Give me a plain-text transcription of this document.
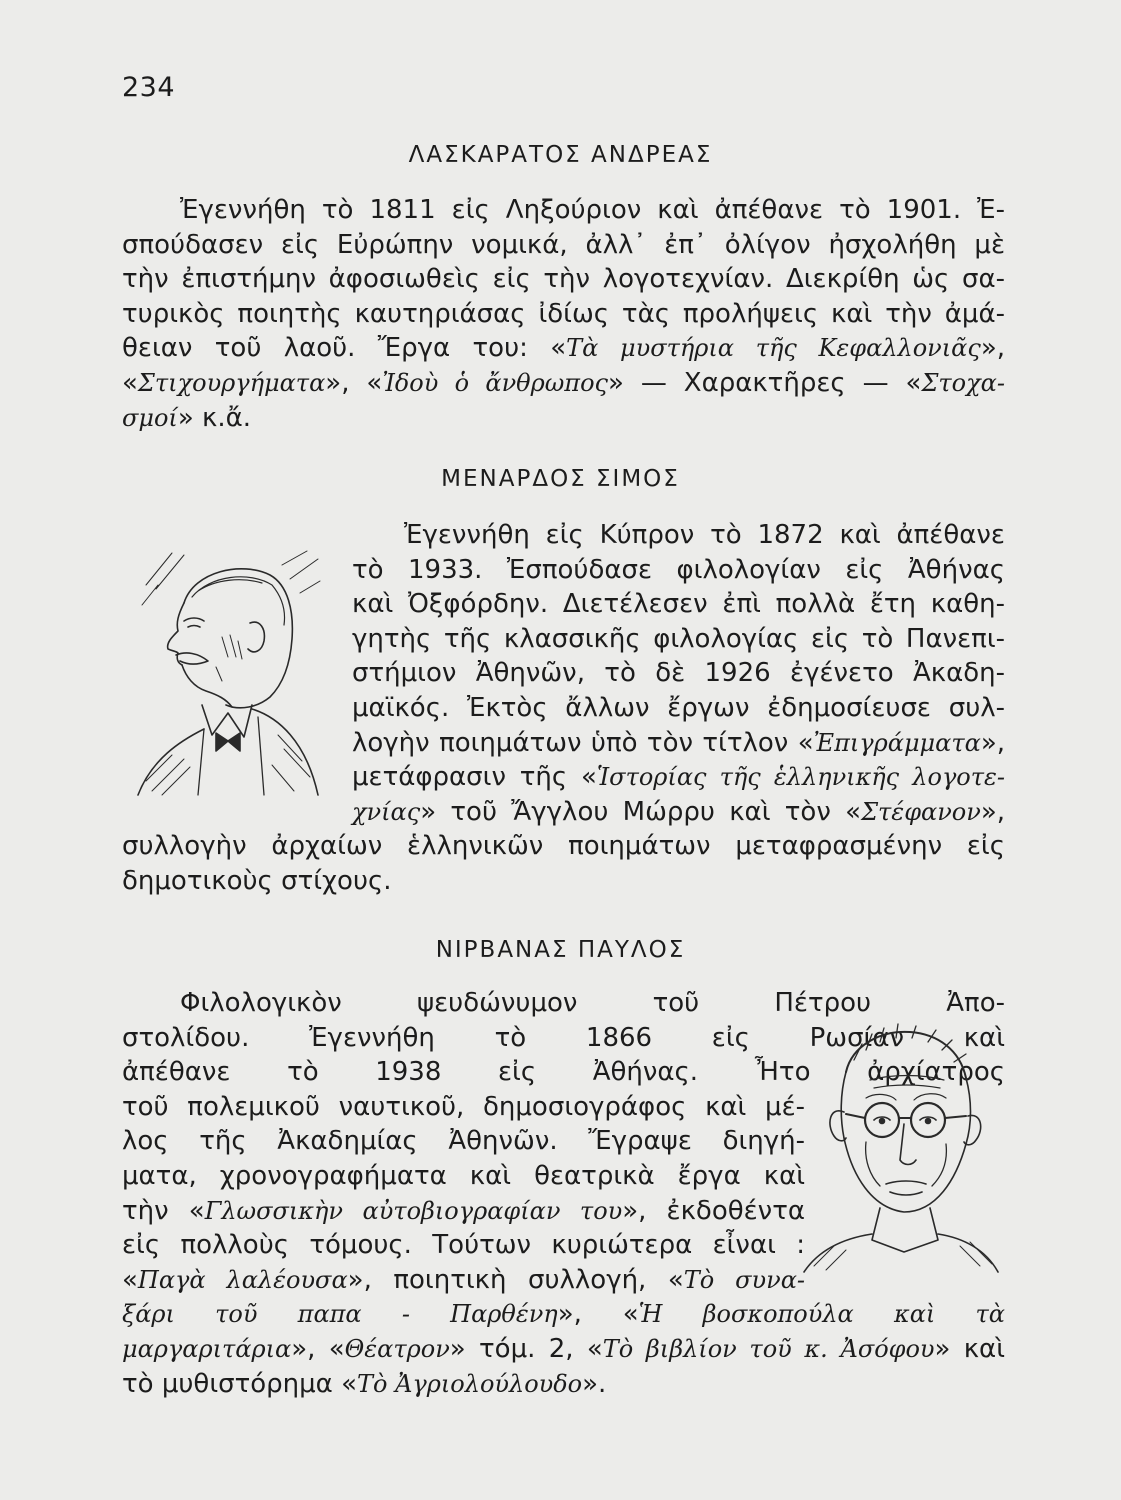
234
ΛΑΣΚΑΡΑΤΟΣ ΑΝΔΡΕΑΣ
Ἐγεννήθη τὸ 1811 εἰς Ληξούριον καὶ ἀπέθανε τὸ 1901. Ἐ-
σπούδασεν εἰς Εὐρώπην νομικά, ἀλλ᾿ ἐπ᾿ ὀλίγον ἠσχολήθη μὲ
τὴν ἐπιστήμην ἀφοσιωθεὶς εἰς τὴν λογοτεχνίαν. Διεκρίθη ὡς σα-
τυρικὸς ποιητὴς καυτηριάσας ἰδίως τὰς προλήψεις καὶ τὴν ἀμά-
θειαν τοῦ λαοῦ. Ἔργα του: «Τὰ μυστήρια τῆς Κεφαλλονιᾶς»,
«Στιχουργήματα», «Ἰδοὺ ὁ ἄνθρωπος» — Χαρακτῆρες — «Στοχα-
σμοί» κ.ἄ.
ΜΕΝΑΡΔΟΣ ΣΙΜΟΣ
Ἐγεννήθη εἰς Κύπρον τὸ 1872 καὶ ἀπέθανε
τὸ 1933. Ἐσπούδασε φιλολογίαν εἰς Ἀθήνας
καὶ Ὀξφόρδην. Διετέλεσεν ἐπὶ πολλὰ ἔτη καθη-
γητὴς τῆς κλασσικῆς φιλολογίας εἰς τὸ Πανεπι-
στήμιον Ἀθηνῶν, τὸ δὲ 1926 ἐγένετο Ἀκαδη-
μαϊκός. Ἐκτὸς ἄλλων ἔργων ἐδημοσίευσε συλ-
λογὴν ποιημάτων ὑπὸ τὸν τίτλον «Ἐπιγράμματα»,
μετάφρασιν τῆς «Ἱστορίας τῆς ἑλληνικῆς λογοτε-
χνίας» τοῦ Ἄγγλου Μώρρυ καὶ τὸν «Στέφανον»,
συλλογὴν ἀρχαίων ἑλληνικῶν ποιημάτων μεταφρασμένην εἰς
δημοτικοὺς στίχους.
ΝΙΡΒΑΝΑΣ ΠΑΥΛΟΣ
Φιλολογικὸν ψευδώνυμον τοῦ Πέτρου Ἀπο-
στολίδου. Ἐγεννήθη τὸ 1866 εἰς Ρωσίαν καὶ
ἀπέθανε τὸ 1938 εἰς Ἀθήνας. Ἦτο ἀρχίατρος
τοῦ πολεμικοῦ ναυτικοῦ, δημοσιογράφος καὶ μέ-
λος τῆς Ἀκαδημίας Ἀθηνῶν. Ἔγραψε διηγή-
ματα, χρονογραφήματα καὶ θεατρικὰ ἔργα καὶ
τὴν «Γλωσσικὴν αὐτοβιογραφίαν του», ἐκδοθέντα
εἰς πολλοὺς τόμους. Τούτων κυριώτερα εἶναι :
«Παγὰ λαλέουσα», ποιητικὴ συλλογή, «Τὸ συνα-
ξάρι τοῦ παπα - Παρθένη», «Ἡ βοσκοπούλα καὶ τὰ
μαργαριτάρια», «Θέατρον» τόμ. 2, «Τὸ βιβλίον τοῦ κ. Ἀσόφου» καὶ
τὸ μυθιστόρημα «Τὸ Ἀγριολούλουδο».
